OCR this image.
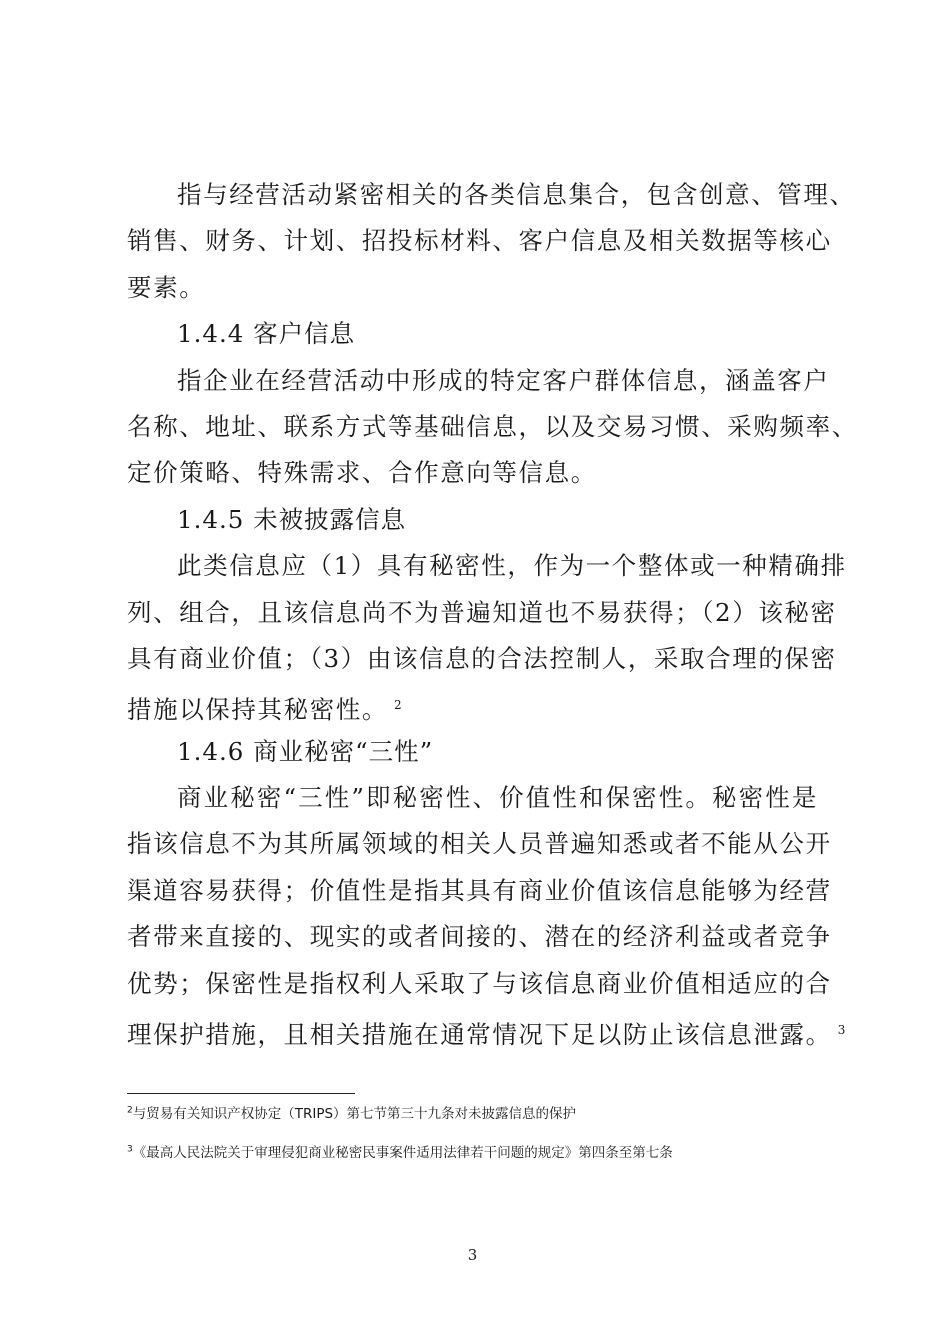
指与经营活动紧密相关的各类信息集合，包含创意、管理、
销售、财务、计划、招投标材料、客户信息及相关数据等核心
要素。
1.4.4 客户信息
指企业在经营活动中形成的特定客户群体信息，涵盖客户
名称、地址、联系方式等基础信息，以及交易习惯、采购频率、
定价策略、特殊需求、合作意向等信息。
1.4.5 未被披露信息
此类信息应（1）具有秘密性，作为一个整体或一种精确排
列、组合，且该信息尚不为普遍知道也不易获得；（2）该秘密
具有商业价值；（3）由该信息的合法控制人，采取合理的保密
措施以保持其秘密性。 $^2$
1.4.6 商业秘密“三性”
商业秘密“三性”即秘密性、价值性和保密性。秘密性是
指该信息不为其所属领域的相关人员普遍知悉或者不能从公开
渠道容易获得；价值性是指其具有商业价值该信息能够为经营
者带来直接的、现实的或者间接的、潜在的经济利益或者竞争
优势；保密性是指权利人采取了与该信息商业价值相适应的合
理保护措施，且相关措施在通常情况下足以防止该信息泄露。 $^3$
$^2$与贸易有关知识产权协定（TRIPS）第七节第三十九条对未披露信息的保护
$^3$《最高人民法院关于审理侵犯商业秘密民事案件适用法律若干问题的规定》第四条至第七条
3
